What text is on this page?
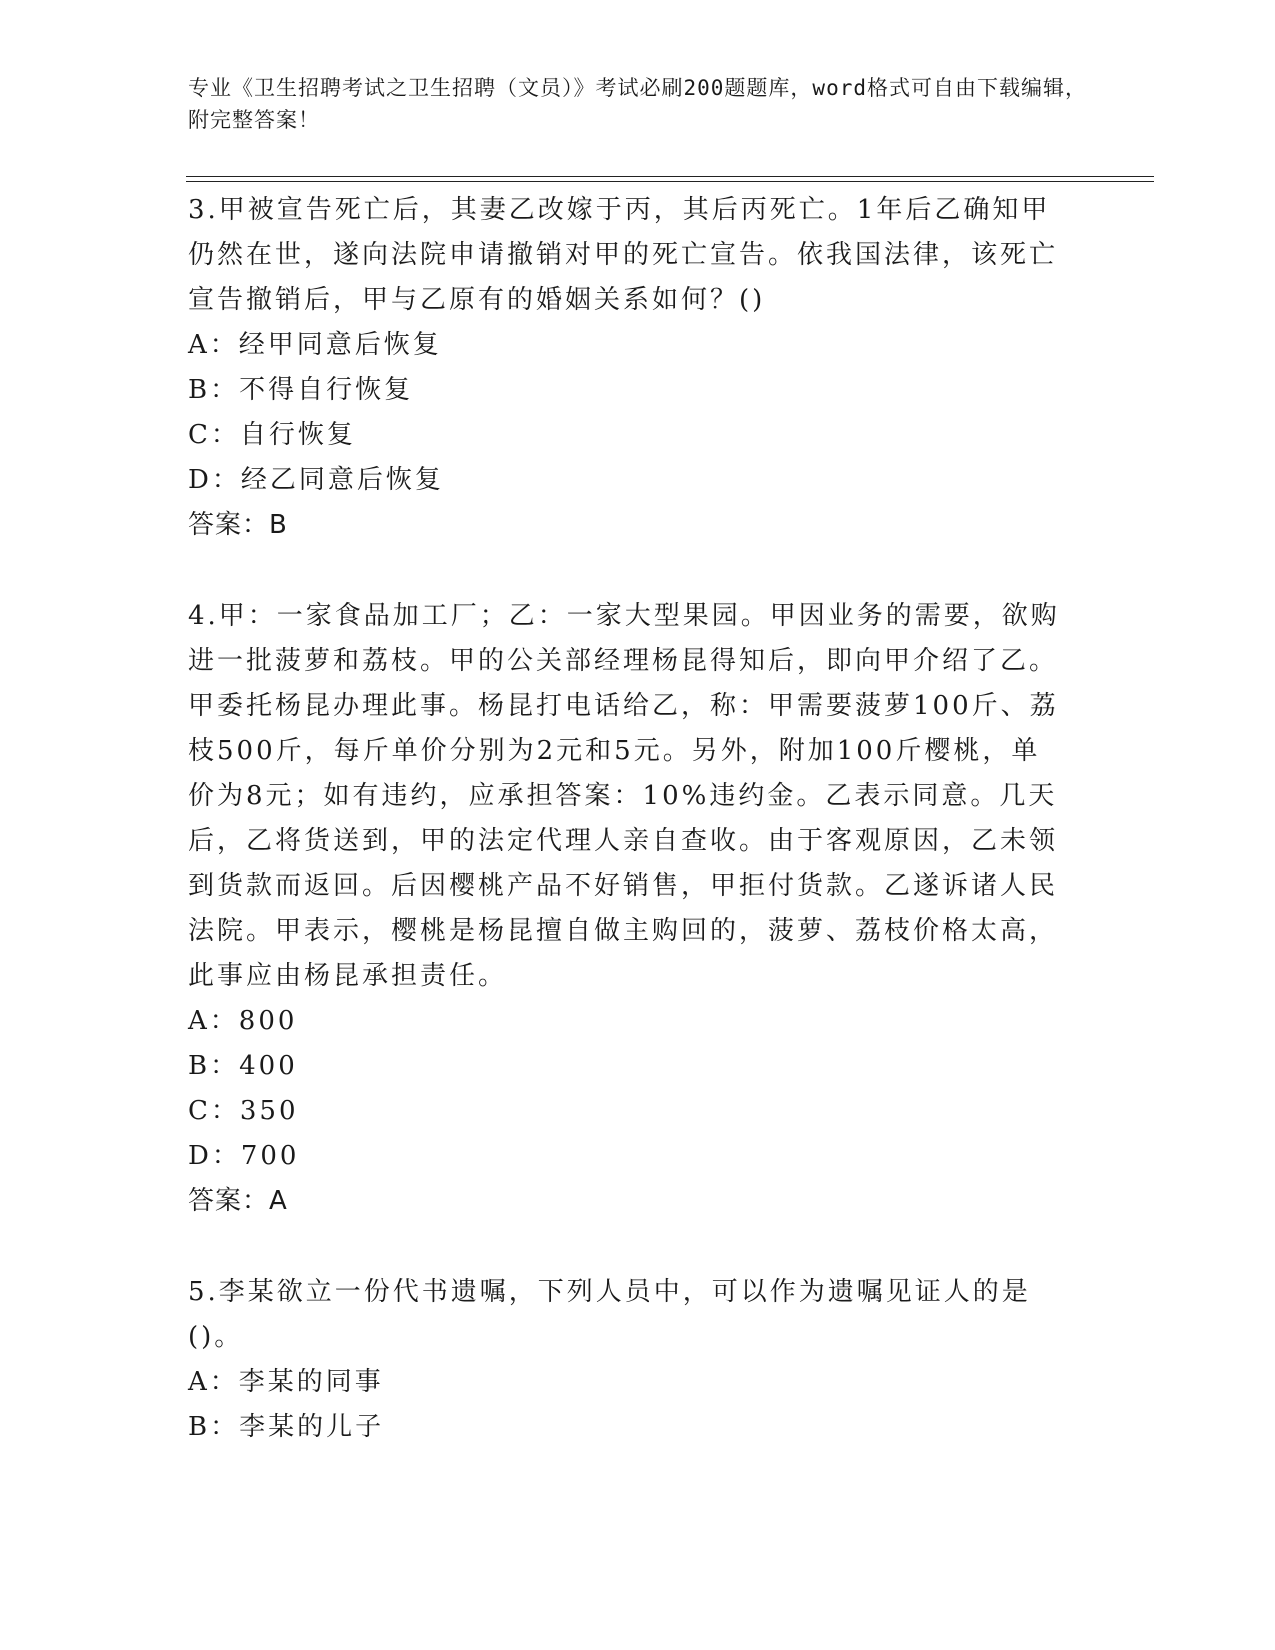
专业《卫生招聘考试之卫生招聘（文员）》考试必刷200题题库，word格式可自由下载编辑，附完整答案！

3.甲被宣告死亡后，其妻乙改嫁于丙，其后丙死亡。1年后乙确知甲仍然在世，遂向法院申请撤销对甲的死亡宣告。依我国法律，该死亡宣告撤销后，甲与乙原有的婚姻关系如何？()

A：经甲同意后恢复

B：不得自行恢复

C：自行恢复

D：经乙同意后恢复

答案：B

4.甲：一家食品加工厂；乙：一家大型果园。甲因业务的需要，欲购进一批菠萝和荔枝。甲的公关部经理杨昆得知后，即向甲介绍了乙。甲委托杨昆办理此事。杨昆打电话给乙，称：甲需要菠萝100斤、荔枝500斤，每斤单价分别为2元和5元。另外，附加100斤樱桃，单价为8元；如有违约，应承担答案：10%违约金。乙表示同意。几天后，乙将货送到，甲的法定代理人亲自查收。由于客观原因，乙未领到货款而返回。后因樱桃产品不好销售，甲拒付货款。乙遂诉诸人民法院。甲表示，樱桃是杨昆擅自做主购回的，菠萝、荔枝价格太高，此事应由杨昆承担责任。

A：800

B：400

C：350

D：700

答案：A

5.李某欲立一份代书遗嘱，下列人员中，可以作为遗嘱见证人的是()。

A：李某的同事

B：李某的儿子
